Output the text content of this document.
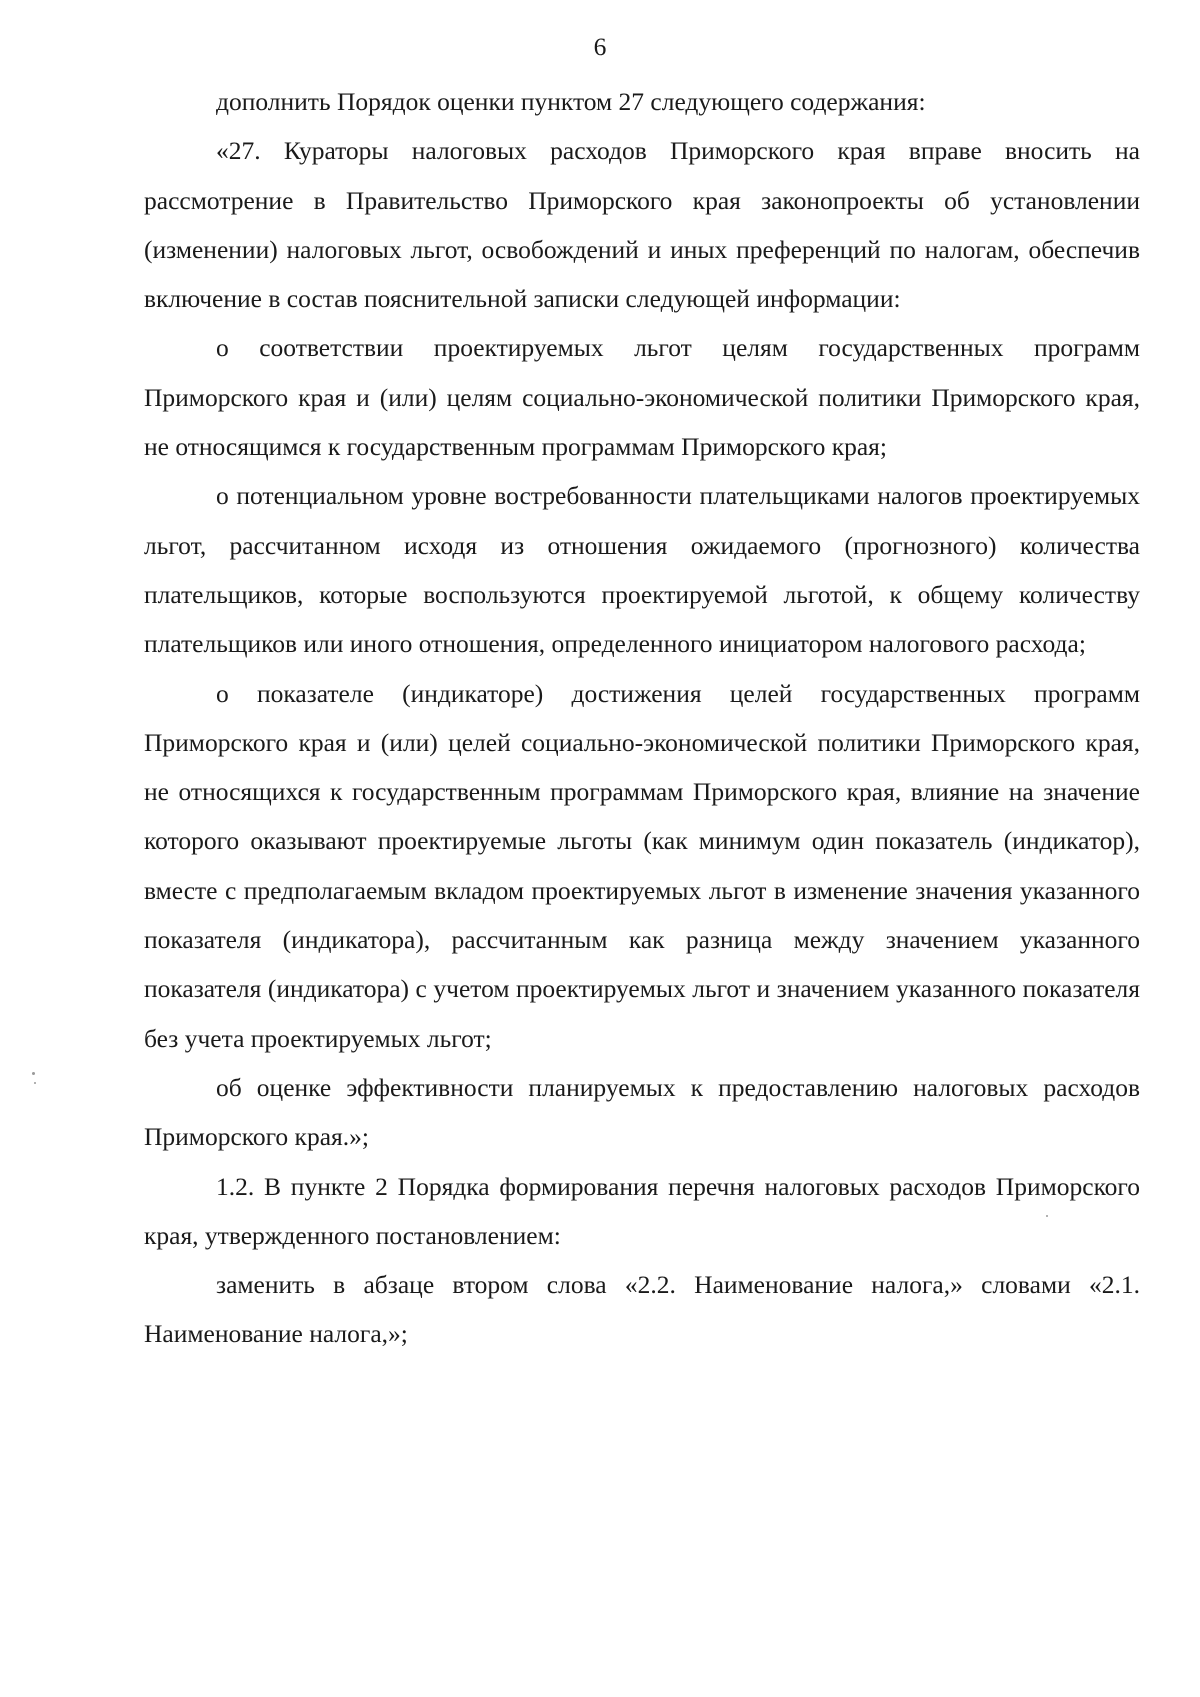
6

дополнить Порядок оценки пунктом 27 следующего содержания:

«27. Кураторы налоговых расходов Приморского края вправе вносить на рассмотрение в Правительство Приморского края законопроекты об установлении (изменении) налоговых льгот, освобождений и иных преференций по налогам, обеспечив включение в состав пояснительной записки следующей информации:

о соответствии проектируемых льгот целям государственных программ Приморского края и (или) целям социально-экономической политики Приморского края, не относящимся к государственным программам Приморского края;

о потенциальном уровне востребованности плательщиками налогов проектируемых льгот, рассчитанном исходя из отношения ожидаемого (прогнозного) количества плательщиков, которые воспользуются проектируемой льготой, к общему количеству плательщиков или иного отношения, определенного инициатором налогового расхода;

о показателе (индикаторе) достижения целей государственных программ Приморского края и (или) целей социально-экономической политики Приморского края, не относящихся к государственным программам Приморского края, влияние на значение которого оказывают проектируемые льготы (как минимум один показатель (индикатор), вместе с предполагаемым вкладом проектируемых льгот в изменение значения указанного показателя (индикатора), рассчитанным как разница между значением указанного показателя (индикатора) с учетом проектируемых льгот и значением указанного показателя без учета проектируемых льгот;

об оценке эффективности планируемых к предоставлению налоговых расходов Приморского края.»;

1.2. В пункте 2 Порядка формирования перечня налоговых расходов Приморского края, утвержденного постановлением:

заменить в абзаце втором слова «2.2. Наименование налога,» словами «2.1. Наименование налога,»;
